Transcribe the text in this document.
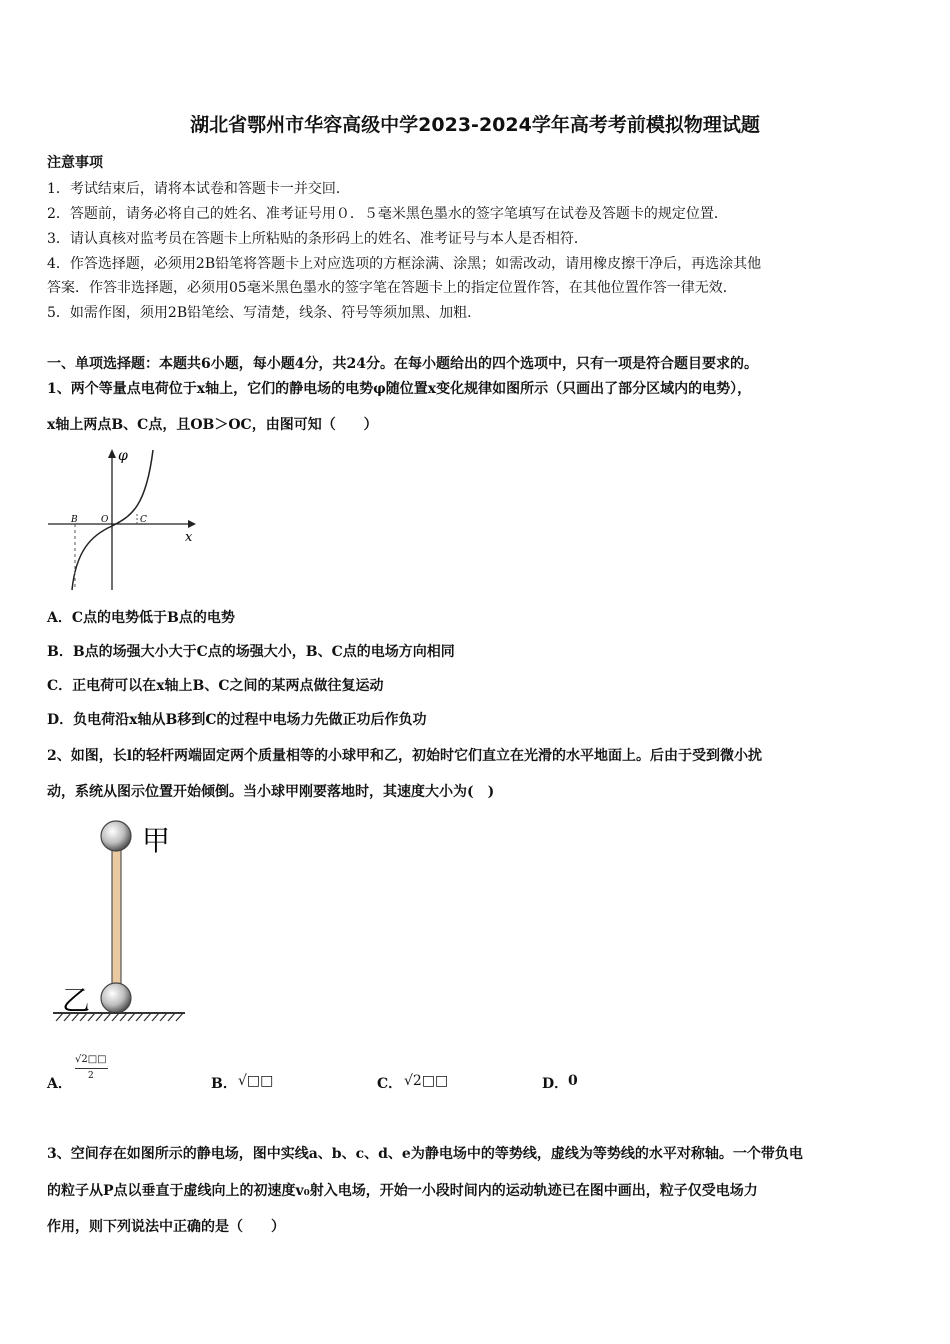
湖北省鄂州市华容高级中学2023-2024学年高考考前模拟物理试题
注意事项
1．考试结束后，请将本试卷和答题卡一并交回．
2．答题前，请务必将自己的姓名、准考证号用０．５毫米黑色墨水的签字笔填写在试卷及答题卡的规定位置．
3．请认真核对监考员在答题卡上所粘贴的条形码上的姓名、准考证号与本人是否相符．
4．作答选择题，必须用2B铅笔将答题卡上对应选项的方框涂满、涂黑；如需改动，请用橡皮擦干净后，再选涂其他
答案．作答非选择题，必须用05毫米黑色墨水的签字笔在答题卡上的指定位置作答，在其他位置作答一律无效．
5．如需作图，须用2B铅笔绘、写清楚，线条、符号等须加黑、加粗．
一、单项选择题：本题共6小题，每小题4分，共24分。在每小题给出的四个选项中，只有一项是符合题目要求的。
1、两个等量点电荷位于x轴上，它们的静电场的电势φ随位置x变化规律如图所示（只画出了部分区域内的电势），
x轴上两点B、C点，且OB＞OC，由图可知（　　）
φ
x
B	O	C
A．C点的电势低于B点的电势
B．B点的场强大小大于C点的场强大小，B、C点的电场方向相同
C．正电荷可以在x轴上B、C之间的某两点做往复运动
D．负电荷沿x轴从B移到C的过程中电场力先做正功后作负功
2、如图，长l的轻杆两端固定两个质量相等的小球甲和乙，初始时它们直立在光滑的水平地面上。后由于受到微小扰
动，系统从图示位置开始倾倒。当小球甲刚要落地时，其速度大小为(　)
甲
乙
A．
√2□□
2	B． √□□	C． √2□□	D． 0
3、空间存在如图所示的静电场，图中实线a、b、c、d、e为静电场中的等势线，虚线为等势线的水平对称轴。一个带负电
的粒子从P点以垂直于虚线向上的初速度v₀射入电场，开始一小段时间内的运动轨迹已在图中画出，粒子仅受电场力
作用，则下列说法中正确的是（　　）
